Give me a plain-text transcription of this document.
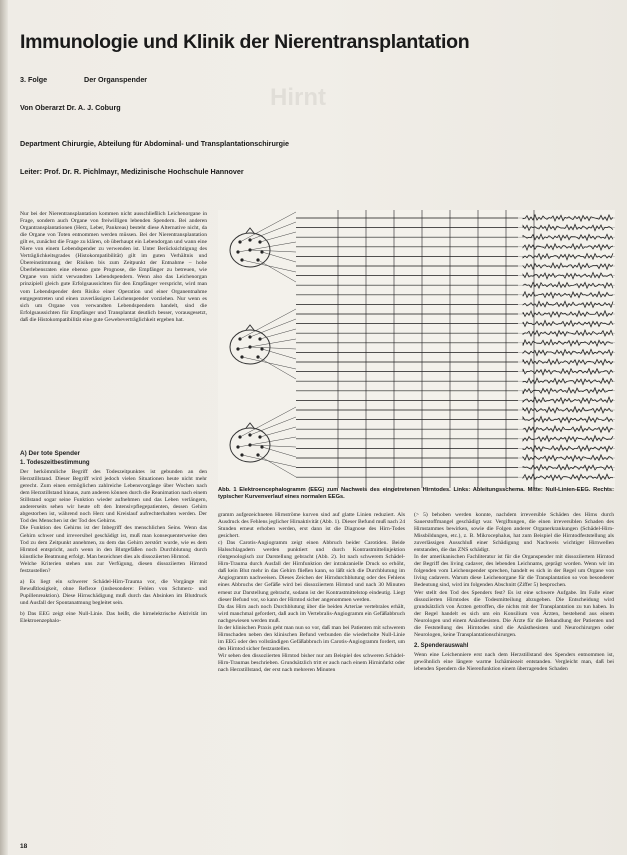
Immunologie und Klinik der Nierentransplantation
3. Folge	Der Organspender
Von Oberarzt Dr. A. J. Coburg
Department Chirurgie, Abteilung für Abdominal- und Transplantationschirurgie
Leiter: Prof. Dr. R. Pichlmayr, Medizinische Hochschule Hannover
Hirnt

Nur bei der Nierentransplantation kommen nicht ausschließlich Leichenorgane in Frage, sondern auch Organe von freiwilligen lebenden Spendern. Bei anderen Organtransplantationen (Herz, Leber, Pankreas) besteht diese Alternative nicht, da die Organe von Toten entnommen werden müssen. Bei der Nierentransplantation gilt es, zunächst die Frage zu klären, ob überhaupt ein Lebendorgan und wann eine Niere von einem Lebendspender zu verwenden ist. Unter Berücksichtigung des Verträglichkeitsgrades (Histokompatibilität) gilt im guten Verhältnis und Übereinstimmung der Risiken bis zum Zeitpunkt der Entnahme – hohe Überlebensraten eine ebenso gute Prognose, die Empfänger zu betreuen, wie Organe von nicht verwandten Lebendspendern. Wenn also das Leichenorgan prinzipiell gleich gute Erfolgsaussichten für den Empfänger verspricht, wird man vom Lebendspender dem Risiko einer Operation und einer Organentnahme entgegentreten und einen zuverlässigen Leichenspender vorziehen. Nur wenn es sich um Organe von verwandten Lebendspendern handelt, sind die Erfolgsaussichten für Empfänger und Transplantat deutlich besser, vorausgesetzt, daß die Histokompatibilität eine gute Gewebeverträglichkeit ergeben hat.

Abb. 1 Elektroencephalogramm (EEG) zum Nachweis des eingetretenen Hirntodes. Links: Ableitungsschema. Mitte: Null-Linien-EEG. Rechts: typischer Kurvenverlauf eines normalen EEGs.
A) Der tote Spender
1. Todeszeitbestimmung

Der herkömmliche Begriff des Todeszeitpunktes ist gebunden an den Herzstillstand. Dieser Begriff wird jedoch vielen Situationen heute nicht mehr gerecht. Zum einen ermöglichen zahlreiche Lebensvorgänge über Wochen nach dem Herzstillstand hinaus, zum anderen können durch die Reanimation nach einem Stillstand sogar seine Funktion wieder aufnehmen und das Leben verlängern, andererseits sehen wir heute oft den Intensivpflegepatienten, dessen Gehirn abgestorben ist, während noch Herz und Kreislauf aufrechterhalten werden. Der Tod des Menschen ist der Tod des Gehirns.
Die Funktion des Gehirns ist der Inbegriff des menschlichen Seins. Wenn das Gehirn schwer und irreversibel geschädigt ist, muß man konsequenterweise den Tod zu dem Zeitpunkt annehmen, zu dem das Gehirn zerstört wurde, wie es dem Hirntod entspricht, auch wenn in den Blutgefäßen noch Durchblutung durch künstliche Beatmung erfolgt. Man bezeichnet dies als dissoziierten Hirntod.
Welche Kriterien stehen uns zur Verfügung, diesen dissoziierten Hirntod festzustellen?

a) Es liegt ein schwerer Schädel-Hirn-Trauma vor, die Vorgänge mit Bewußtlosigkeit, ohne Reflexe (insbesondere: Fehlen von Schmerz- und Pupillenreaktion). Diese Hirnschädigung muß durch das Absinken im Blutdruck und Ausfall der Spontanatmung begleitet sein.

b) Das EEG zeigt eine Null-Linie. Das heißt, die hirnelektrische Aktivität im Elektroenzephalo-

gramm aufgezeichneten Hirnströme kurven sind auf glatte Linien reduziert. Als Ausdruck des Fehlens jeglicher Hirnaktivität (Abb. 1). Dieser Befund muß nach 24 Stunden erneut erhoben werden, erst dann ist die Diagnose des Hirn-Todes gesichert.
c) Das Carotis-Angiogramm zeigt einen Abbruch beider Carotiden. Beide Halsschlagadern werden punktiert und durch Kontrastmittelinjektion röntgenologisch zur Darstellung gebracht (Abb. 2). Ist nach schwerem Schädel-Hirn-Trauma durch Ausfall der Hirnfunktion der intrakranielle Druck so erhöht, daß kein Blut mehr in das Gehirn fließen kann, so läßt sich die Durchblutung im Angiogramm nachweisen. Dieses Zeichen der Hirndurchblutung oder des Fehlens eines Abbruchs der Gefäße wird bei dissoziiertem Hirntod und nach 30 Minuten erneut zur Darstellung gebracht, sodann ist der Kontrastmittelstop eindeutig. Liegt dieser Befund vor, so kann der Hirntod sicher angenommen werden.
Da das Hirn auch noch Durchblutung über die beiden Arteriae vertebrales erhält, wird manchmal gefordert, daß auch im Vertebralis-Angiogramm ein Gefäßabbruch nachgewiesen werden muß.
In der klinischen Praxis geht man nun so vor, daß man bei Patienten mit schwerem Hirnschaden neben den klinischen Befund verbunden die wiederholte Null-Linie im EEG oder den vollständigen Gefäßabbruch im Carotis-Angiogramm fordert, um den Hirntod sicher festzustellen.
Wir sehen den dissoziierten Hirntod bisher nur am Beispiel des schweren Schädel-Hirn-Traumas beschrieben. Grundsätzlich tritt er auch nach einem Hirninfarkt oder nach Herzstillstand, der erst nach mehreren Minuten

(> 5) behoben werden konnte, nachdem irreversible Schäden des Hirns durch Sauerstoffmangel geschädigt war. Vergiftungen, die einen irreversiblen Schaden des Hirnstammes bewirken, sowie die Folgen anderer Organerkrankungen (Schädel-Hirn-Missbildungen, etc.), z. B. Mikrocephalus, hat zum Beispiel die Hirntodfeststellung als zuverlässigen Ausschluß einer Schädigung und Nachweis wichtiger Hirnwellen entstanden, die das ZNS schädigt.
In der amerikanischen Fachliteratur ist für die Organspender mit dissoziiertem Hirntod der Begriff des living cadaver, des lebenden Leichnams, geprägt worden. Wenn wir im folgenden vom Leichenspender sprechen, handelt es sich in der Regel um Organe von living cadavers. Warum diese Leichenorgane für die Transplantation so von besonderer Bedeutung sind, wird im folgenden Abschnitt (Ziffer 5) besprochen.
Wer stellt den Tod des Spenders fest? Es ist eine schwere Aufgabe. Im Falle einer dissoziierten Hirntodes die Todesmitteilung abzugeben. Die Entscheidung wird grundsätzlich von Ärzten getroffen, die nichts mit der Transplantation zu tun haben. In der Regel handelt es sich um ein Konsilium von Ärzten, bestehend aus einem Neurologen und einem Anästhesisten. Die Ärzte für die Behandlung der Patienten und die Feststellung des Hirntodes sind die Anästhesisten und Neurochirurgen oder Neurologen, keine Transplantationschirurgen.

2. Spenderauswahl

Wenn eine Leichenniere erst nach dem Herzstillstand des Spenders entnommen ist, gewöhnlich eine längere warme Ischämiezeit entstanden. Vergleicht man, daß bei lebenden Spendern die Nierenfunktion einem überragenden Schaden

18
